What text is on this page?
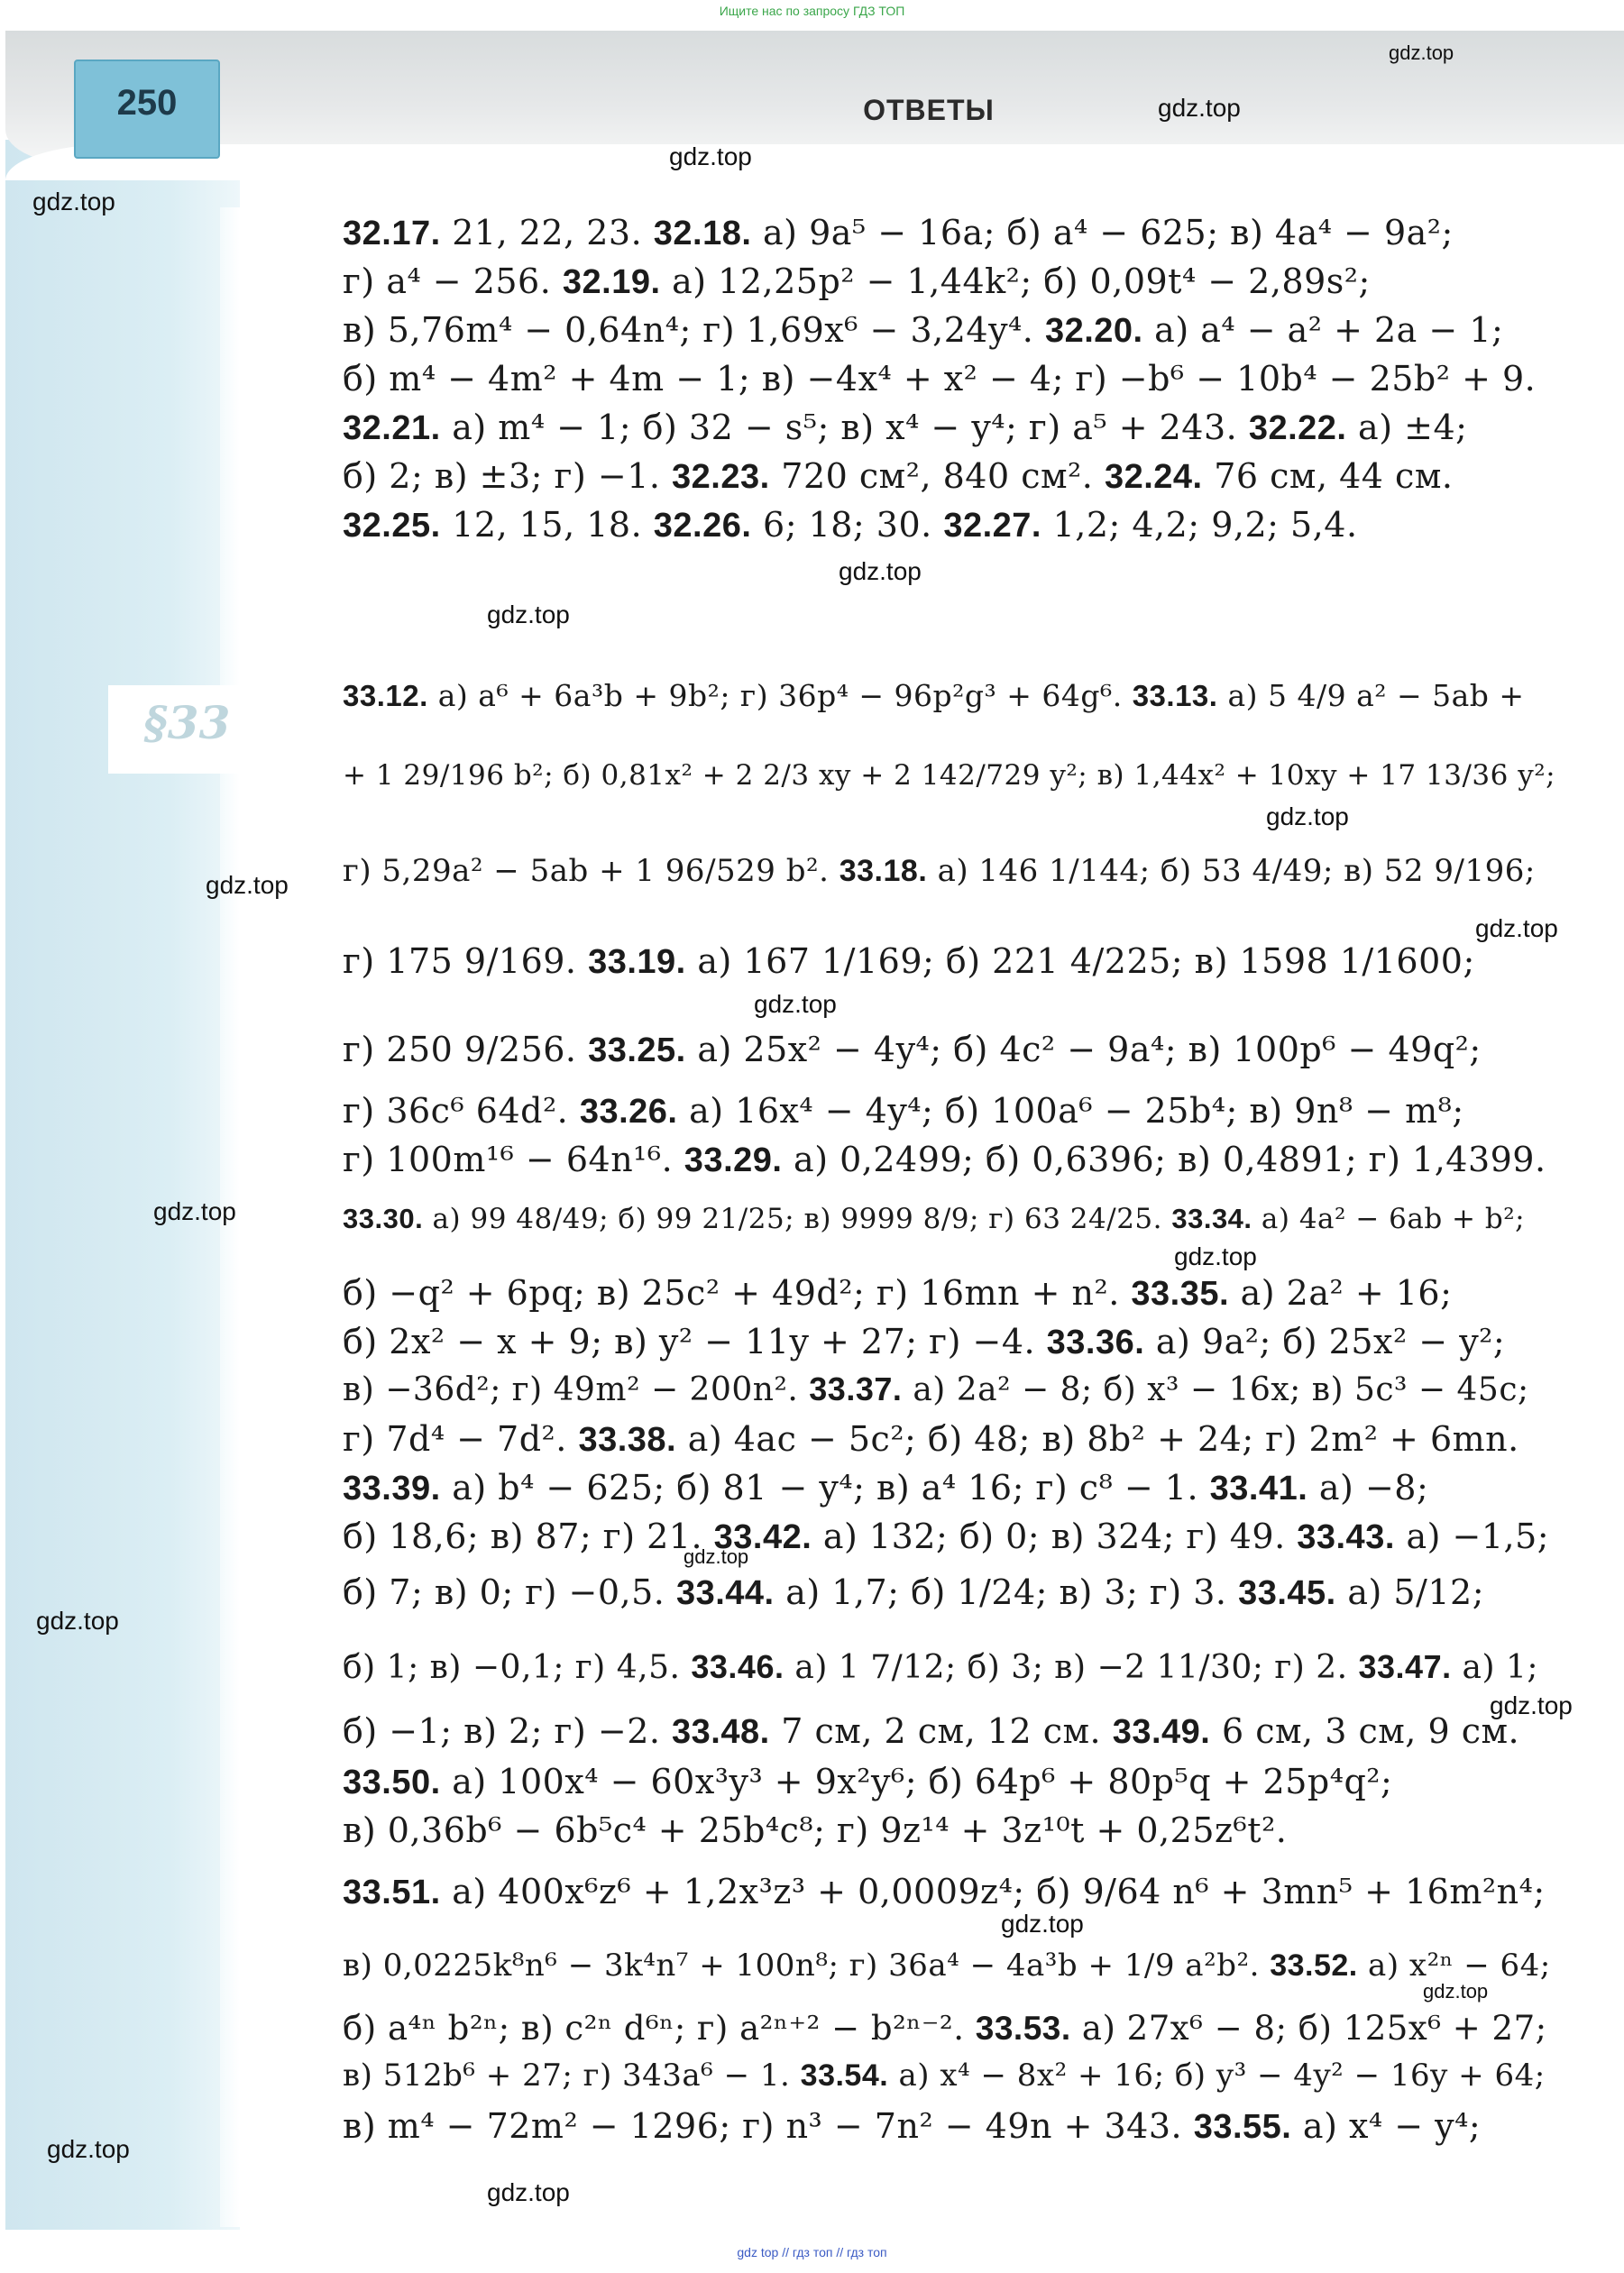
Ищите нас по запросу ГДЗ ТОП
250	ОТВЕТЫ
§33
gdz.top
gdz.top
gdz.top
gdz.top
gdz.top
gdz.top
gdz.top
gdz.top
gdz.top
gdz.top
gdz.top
gdz.top
gdz.top
gdz.top
gdz.top
gdz.top
gdz.top
gdz.top
gdz.top
32.17. 21, 22, 23. 32.18. а) 9a⁵ − 16a; б) a⁴ − 625; в) 4a⁴ − 9a²;
г) a⁴ − 256. 32.19. а) 12,25p² − 1,44k²; б) 0,09t⁴ − 2,89s²;
в) 5,76m⁴ − 0,64n⁴; г) 1,69x⁶ − 3,24y⁴. 32.20. а) a⁴ − a² + 2a − 1;
б) m⁴ − 4m² + 4m − 1; в) −4x⁴ + x² − 4; г) −b⁶ − 10b⁴ − 25b² + 9.
32.21. а) m⁴ − 1; б) 32 − s⁵; в) x⁴ − y⁴; г) a⁵ + 243. 32.22. а) ±4;
б) 2; в) ±3; г) −1. 32.23. 720 см², 840 см². 32.24. 76 см, 44 см.
32.25. 12, 15, 18. 32.26. 6; 18; 30. 32.27. 1,2; 4,2; 9,2; 5,4.
33.12. а) a⁶ + 6a³b + 9b²; г) 36p⁴ − 96p²g³ + 64g⁶. 33.13. а) 5 4/9 a² − 5ab +
+ 1 29/196 b²; б) 0,81x² + 2 2/3 xy + 2 142/729 y²; в) 1,44x² + 10xy + 17 13/36 y²;
г) 5,29a² − 5ab + 1 96/529 b². 33.18. а) 146 1/144; б) 53 4/49; в) 52 9/196;
г) 175 9/169. 33.19. а) 167 1/169; б) 221 4/225; в) 1598 1/1600;
г) 250 9/256. 33.25. а) 25x² − 4y⁴; б) 4c² − 9a⁴; в) 100p⁶ − 49q²;
г) 36c⁶ 64d². 33.26. а) 16x⁴ − 4y⁴; б) 100a⁶ − 25b⁴; в) 9n⁸ − m⁸;
г) 100m¹⁶ − 64n¹⁶. 33.29. а) 0,2499; б) 0,6396; в) 0,4891; г) 1,4399.
33.30. а) 99 48/49; б) 99 21/25; в) 9999 8/9; г) 63 24/25. 33.34. а) 4a² − 6ab + b²;
б) −q² + 6pq; в) 25c² + 49d²; г) 16mn + n². 33.35. а) 2a² + 16;
б) 2x² − x + 9; в) y² − 11y + 27; г) −4. 33.36. а) 9a²; б) 25x² − y²;
в) −36d²; г) 49m² − 200n². 33.37. а) 2a² − 8; б) x³ − 16x; в) 5c³ − 45c;
г) 7d⁴ − 7d². 33.38. а) 4ac − 5c²; б) 48; в) 8b² + 24; г) 2m² + 6mn.
33.39. а) b⁴ − 625; б) 81 − y⁴; в) a⁴ 16; г) c⁸ − 1. 33.41. а) −8;
б) 18,6; в) 87; г) 21. 33.42. а) 132; б) 0; в) 324; г) 49. 33.43. а) −1,5;
б) 7; в) 0; г) −0,5. 33.44. а) 1,7; б) 1/24; в) 3; г) 3. 33.45. а) 5/12;
б) 1; в) −0,1; г) 4,5. 33.46. а) 1 7/12; б) 3; в) −2 11/30; г) 2. 33.47. а) 1;
б) −1; в) 2; г) −2. 33.48. 7 см, 2 см, 12 см. 33.49. 6 см, 3 см, 9 см.
33.50. а) 100x⁴ − 60x³y³ + 9x²y⁶; б) 64p⁶ + 80p⁵q + 25p⁴q²;
в) 0,36b⁶ − 6b⁵c⁴ + 25b⁴c⁸; г) 9z¹⁴ + 3z¹⁰t + 0,25z⁶t².
33.51. а) 400x⁶z⁶ + 1,2x³z³ + 0,0009z⁴; б) 9/64 n⁶ + 3mn⁵ + 16m²n⁴;
в) 0,0225k⁸n⁶ − 3k⁴n⁷ + 100n⁸; г) 36a⁴ − 4a³b + 1/9 a²b². 33.52. а) x²ⁿ − 64;
б) a⁴ⁿ b²ⁿ; в) c²ⁿ d⁶ⁿ; г) a²ⁿ⁺² − b²ⁿ⁻². 33.53. а) 27x⁶ − 8; б) 125x⁶ + 27;
в) 512b⁶ + 27; г) 343a⁶ − 1. 33.54. а) x⁴ − 8x² + 16; б) y³ − 4y² − 16y + 64;
в) m⁴ − 72m² − 1296; г) n³ − 7n² − 49n + 343. 33.55. а) x⁴ − y⁴;
gdz top // гдз топ // гдз топ
